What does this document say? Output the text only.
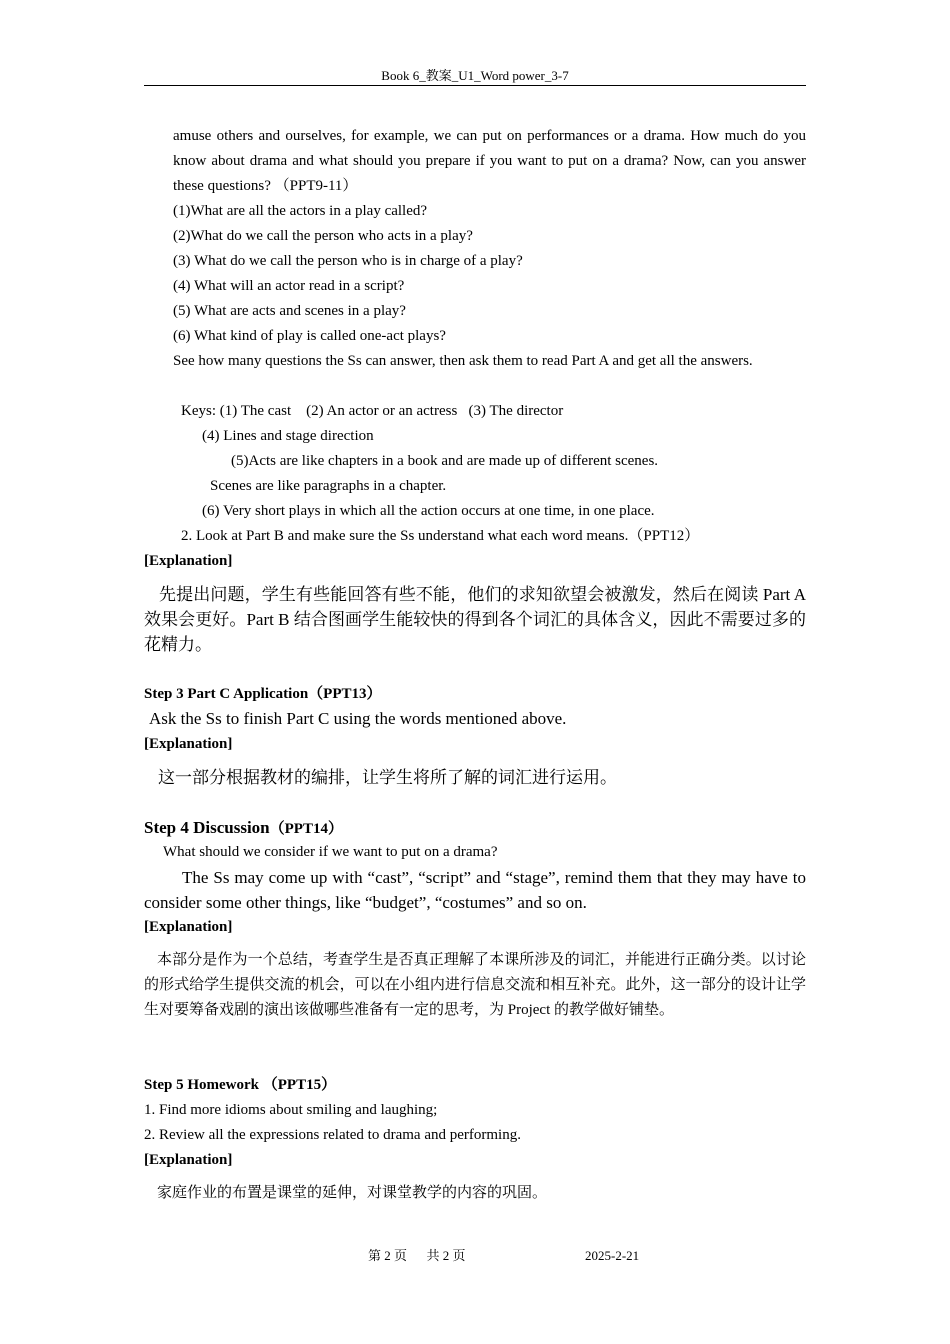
Book 6_教案_U1_Word power_3-7
amuse others and ourselves, for example, we can put on performances or a drama. How much do you know about drama and what should you prepare if you want to put on a drama? Now, can you answer these questions? （PPT9-11）
(1)What are all the actors in a play called?
(2)What do we call the person who acts in a play?
(3) What do we call the person who is in charge of a play?
(4) What will an actor read in a script?
(5) What are acts and scenes in a play?
(6) What kind of play is called one-act plays?
See how many questions the Ss can answer, then ask them to read Part A and get all the answers.
Keys: (1) The cast    (2) An actor or an actress   (3) The director
(4) Lines and stage direction
(5)Acts are like chapters in a book and are made up of different scenes.
Scenes are like paragraphs in a chapter.
(6) Very short plays in which all the action occurs at one time, in one place.
2. Look at Part B and make sure the Ss understand what each word means.（PPT12）
[Explanation]
先提出问题，学生有些能回答有些不能，他们的求知欲望会被激发，然后在阅读 Part A 效果会更好。Part B 结合图画学生能较快的得到各个词汇的具体含义，因此不需要过多的花精力。
Step 3 Part C Application（PPT13）
Ask the Ss to finish Part C using the words mentioned above.
[Explanation]
这一部分根据教材的编排，让学生将所了解的词汇进行运用。
Step 4 Discussion（PPT14）
What should we consider if we want to put on a drama?
The Ss may come up with “cast”, “script” and “stage”, remind them that they may have to consider some other things, like “budget”, “costumes” and so on.
[Explanation]
本部分是作为一个总结，考查学生是否真正理解了本课所涉及的词汇，并能进行正确分类。以讨论的形式给学生提供交流的机会，可以在小组内进行信息交流和相互补充。此外，这一部分的设计让学生对要筹备戏剧的演出该做哪些准备有一定的思考，为 Project 的教学做好铺垫。
Step 5 Homework （PPT15）
1. Find more idioms about smiling and laughing;
2. Review all the expressions related to drama and performing.
[Explanation]
家庭作业的布置是课堂的延伸，对课堂教学的内容的巩固。
第 2 页      共 2 页	2025-2-21
